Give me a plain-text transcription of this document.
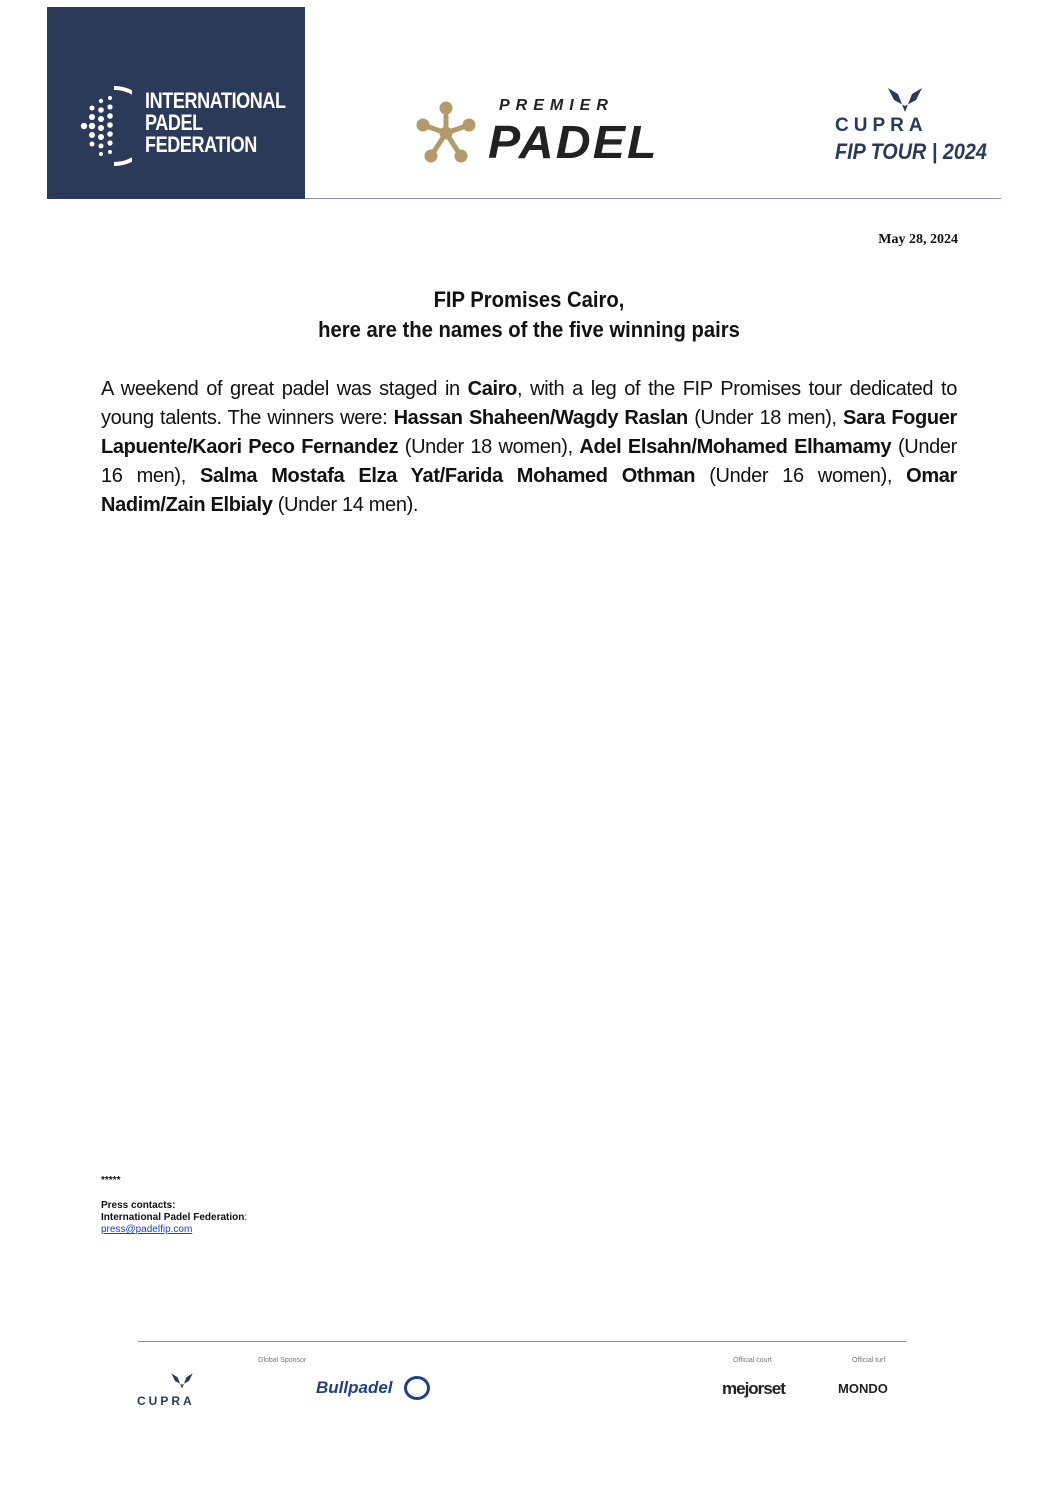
INTERNATIONAL
PADEL
FEDERATION
PREMIER
PADEL	CUPRA
FIP TOUR | 2024
May 28, 2024
FIP Promises Cairo,
here are the names of the five winning pairs
A weekend of great padel was staged in Cairo, with a leg of the FIP Promises tour dedicated to young talents. The winners were: Hassan Shaheen/Wagdy Raslan (Under 18 men), Sara Foguer Lapuente/Kaori Peco Fernandez (Under 18 women), Adel Elsahn/Mohamed Elhamamy (Under 16 men), Salma Mostafa Elza Yat/Farida Mohamed Othman (Under 16 women), Omar Nadim/Zain Elbialy (Under 14 men).
*****
Press contacts:
International Padel Federation:
press@padelfip.com
Global Sponsor	Official court	Official turf
CUPRA
Bullpadel	mejorset	MONDO
